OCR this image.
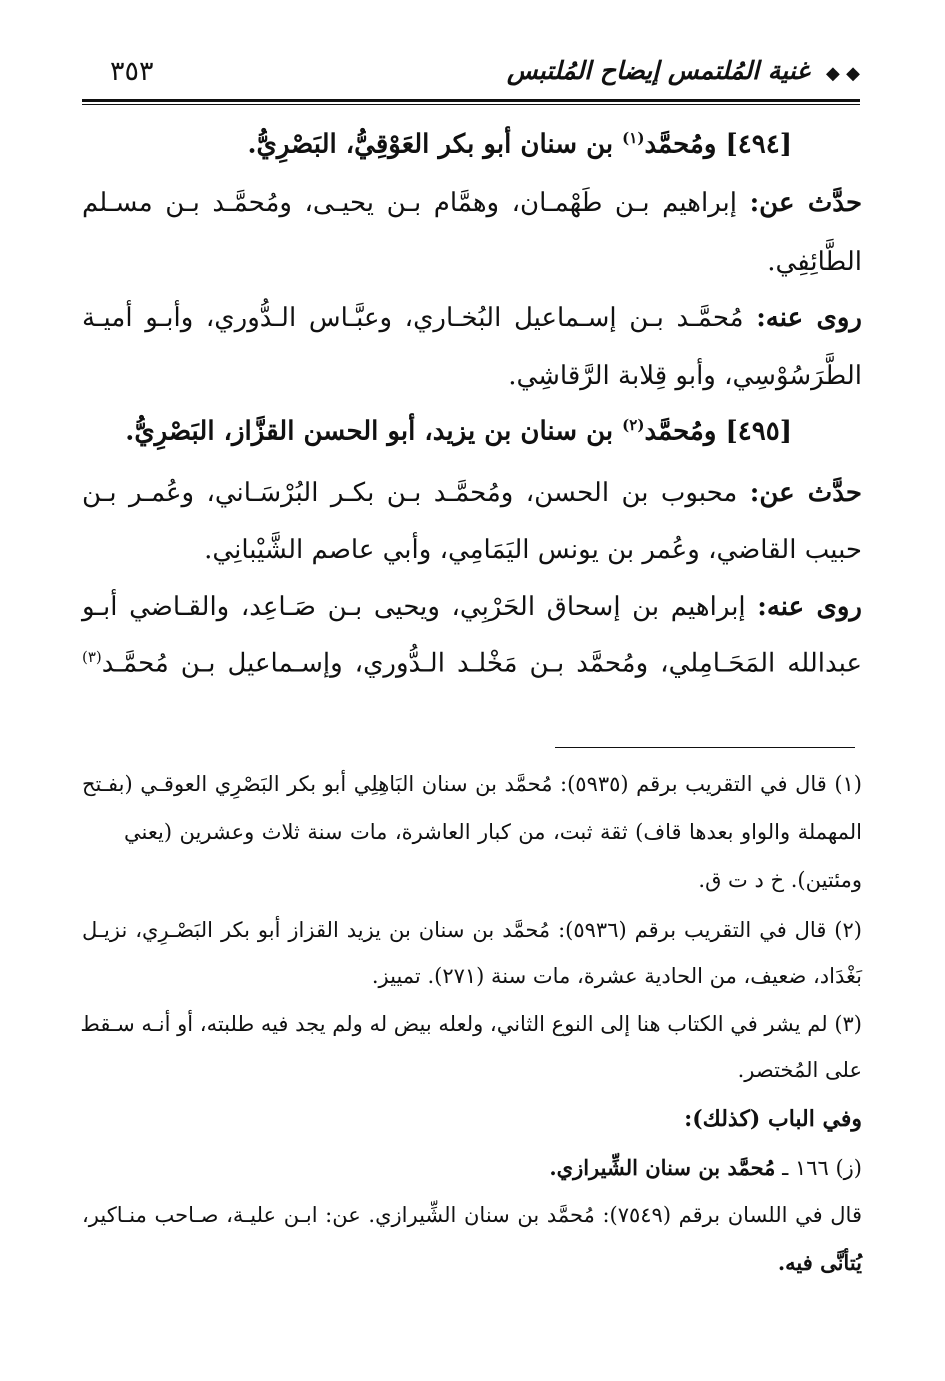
◆ ◆ غنية المُلتمس إيضاح المُلتبس
٣٥٣
[٤٩٤] ومُحمَّد$^{(١)}$ بن سنان أبو بكر العَوْقِيُّ، البَصْرِيُّ.
حدَّث عن: إبراهيم بـن طَهْمـان، وهمَّام بـن يحيـى، ومُحمَّـد بـن مسـلم
الطَّائِفِي.
روى عنه: مُحمَّـد بـن إسـماعيل البُخـاري، وعبَّـاس الـدُّوري، وأبـو أميـة
الطَّرَسُوْسِي، وأبو قِلابة الرَّقاشِي.
[٤٩٥] ومُحمَّد$^{(٢)}$ بن سنان بن يزيد، أبو الحسن القزَّاز، البَصْرِيُّ.
حدَّث عن: محبوب بن الحسن، ومُحمَّـد بـن بكـر البُرْسَـاني، وعُمـر بـن
حبيب القاضي، وعُمر بن يونس اليَمَامِي، وأبي عاصم الشَّيْبانِي.
روى عنه: إبراهيم بن إسحاق الحَرْبِي، ويحيى بـن صَـاعِد، والقـاضي أبـو
عبدالله المَحَـامِلي، ومُحمَّد بـن مَخْلـد الـدُّوري، وإسـماعيل بـن مُحمَّـد$^{(٣)}$
(١) قال في التقريب برقم (٥٩٣٥): مُحمَّد بن سنان البَاهِلِي أبو بكر البَصْرِي العوقـي (بفـتح
المهملة والواو بعدها قاف) ثقة ثبت، من كبار العاشرة، مات سنة ثلاث وعشرين (يعني
ومئتين). خ د ت ق.
(٢) قال في التقريب برقم (٥٩٣٦): مُحمَّد بن سنان بن يزيد القزاز أبو بكر البَصْـرِي، نزيـل
بَغْدَاد، ضعيف، من الحادية عشرة، مات سنة (٢٧١). تمييز.
(٣) لم يشر في الكتاب هنا إلى النوع الثاني، ولعله بيض له ولم يجد فيه طلبته، أو أنـه سـقط
على المُختصر.
وفي الباب (كذلك):
(ز) ١٦٦ ـ مُحمَّد بن سنان الشِّيرازي.
قال في اللسان برقم (٧٥٤٩): مُحمَّد بن سنان الشِّيرازي. عن: ابـن عليـة، صـاحب منـاكير،
يُتأنَّى فيه.
